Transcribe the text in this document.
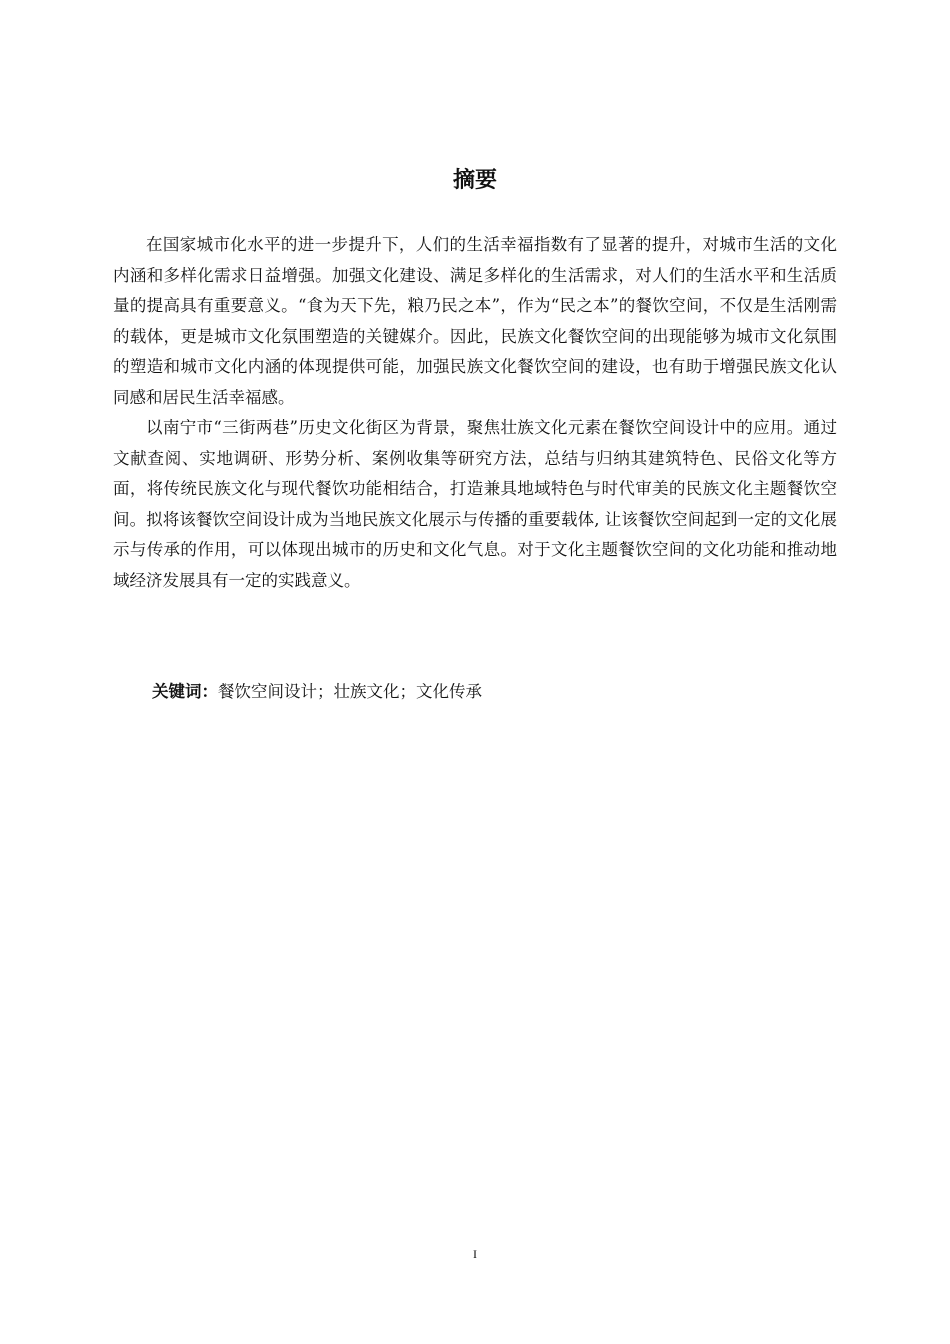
摘要

在国家城市化水平的进一步提升下，人们的生活幸福指数有了显著的提升，对城市生活的文化内涵和多样化需求日益增强。加强文化建设、满足多样化的生活需求，对人们的生活水平和生活质量的提高具有重要意义。“食为天下先，粮乃民之本”，作为“民之本”的餐饮空间，不仅是生活刚需的载体，更是城市文化氛围塑造的关键媒介。因此，民族文化餐饮空间的出现能够为城市文化氛围的塑造和城市文化内涵的体现提供可能，加强民族文化餐饮空间的建设，也有助于增强民族文化认同感和居民生活幸福感。

以南宁市“三街两巷”历史文化街区为背景，聚焦壮族文化元素在餐饮空间设计中的应用。通过文献查阅、实地调研、形势分析、案例收集等研究方法，总结与归纳其建筑特色、民俗文化等方面，将传统民族文化与现代餐饮功能相结合，打造兼具地域特色与时代审美的民族文化主题餐饮空间。拟将该餐饮空间设计成为当地民族文化展示与传播的重要载体, 让该餐饮空间起到一定的文化展示与传承的作用，可以体现出城市的历史和文化气息。对于文化主题餐饮空间的文化功能和推动地域经济发展具有一定的实践意义。

关键词：餐饮空间设计；壮族文化；文化传承

I
